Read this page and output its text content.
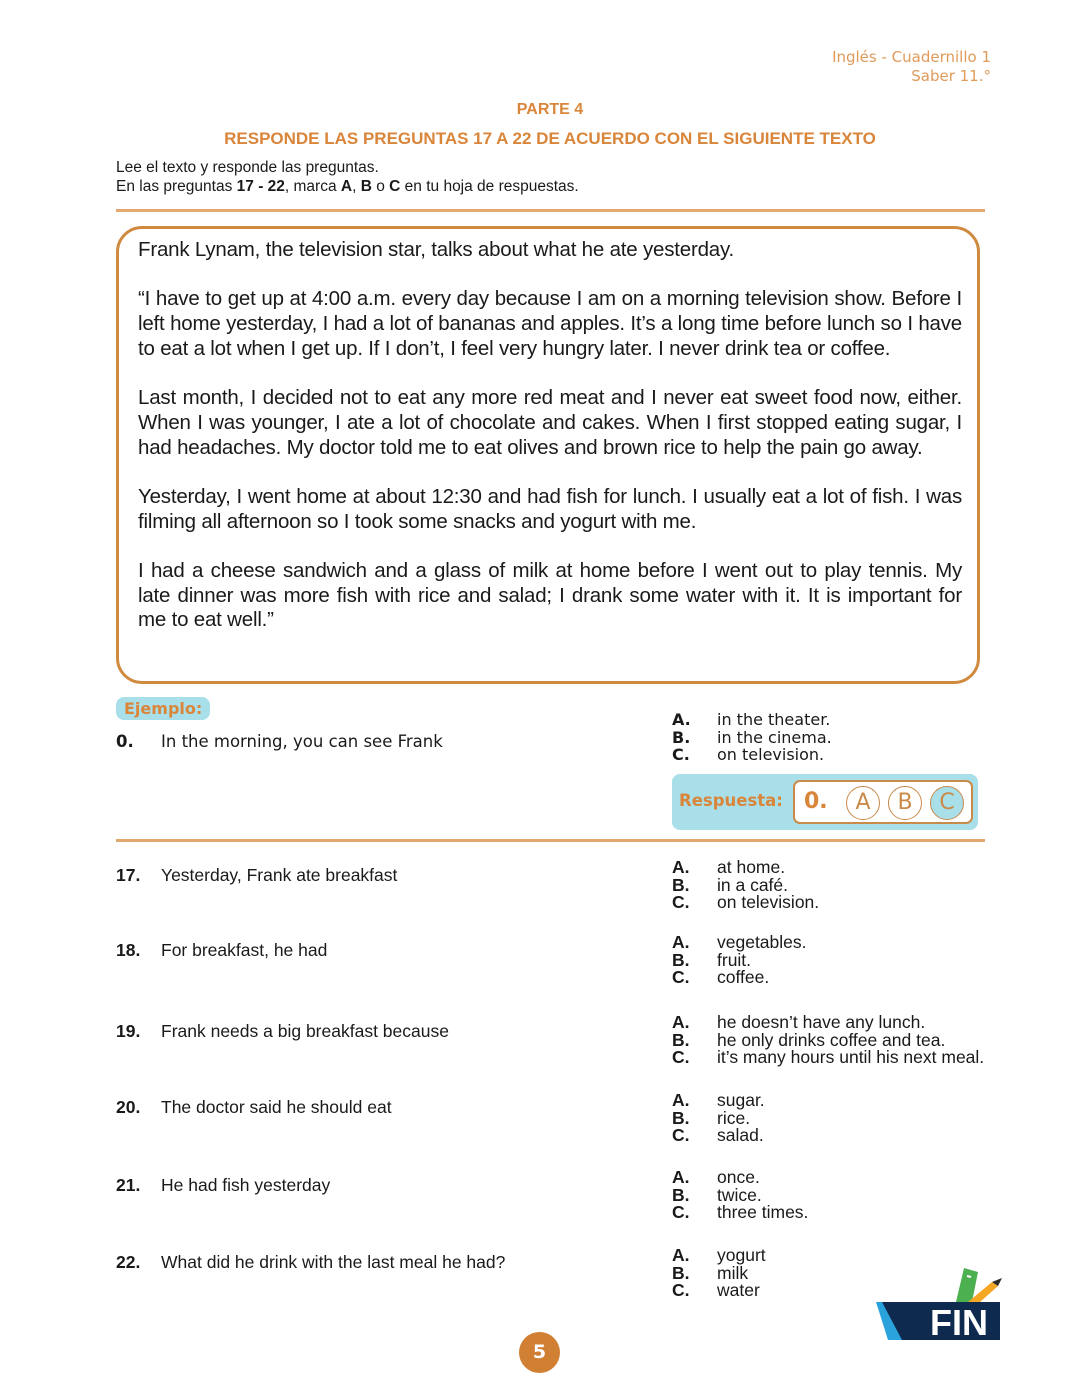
Inglés - Cuadernillo 1
Saber 11.°
PARTE 4
RESPONDE LAS PREGUNTAS 17 A 22 DE ACUERDO CON EL SIGUIENTE TEXTO
Lee el texto y responde las preguntas.
En las preguntas 17 - 22, marca A, B o C en tu hoja de respuestas.

Frank Lynam, the television star, talks about what he ate yesterday.

“I have to get up at 4:00 a.m. every day because I am on a morning television show. Before I left home yesterday, I had a lot of bananas and apples. It’s a long time before lunch so I have to eat a lot when I get up. If I don’t, I feel very hungry later. I never drink tea or coffee.

Last month, I decided not to eat any more red meat and I never eat sweet food now, either. When I was younger, I ate a lot of chocolate and cakes. When I first stopped eating sugar, I had headaches. My doctor told me to eat olives and brown rice to help the pain go away.

Yesterday, I went home at about 12:30 and had fish for lunch. I usually eat a lot of fish. I was filming all afternoon so I took some snacks and yogurt with me.

I had a cheese sandwich and a glass of milk at home before I went out to play tennis. My late dinner was more fish with rice and salad; I drank some water with it. It is important for me to eat well.”

Ejemplo:
0. In the morning, you can see Frank
A.	in the theater.
B.	in the cinema.
C.	on television.
Respuesta: 0.	A	B	C
17. Yesterday, Frank ate breakfast	A.	at home.
B.	in a café.
C.	on television.
18. For breakfast, he had	A.	vegetables.
B.	fruit.
C.	coffee.
19. Frank needs a big breakfast because	A.	he doesn’t have any lunch.
B.	he only drinks coffee and tea.
C.	it’s many hours until his next meal.
20. The doctor said he should eat	A.	sugar.
B.	rice.
C.	salad.
21. He had fish yesterday	A.	once.
B.	twice.
C.	three times.
22. What did he drink with the last meal he had?	A.	yogurt
B.	milk
C.	water
FIN
5
